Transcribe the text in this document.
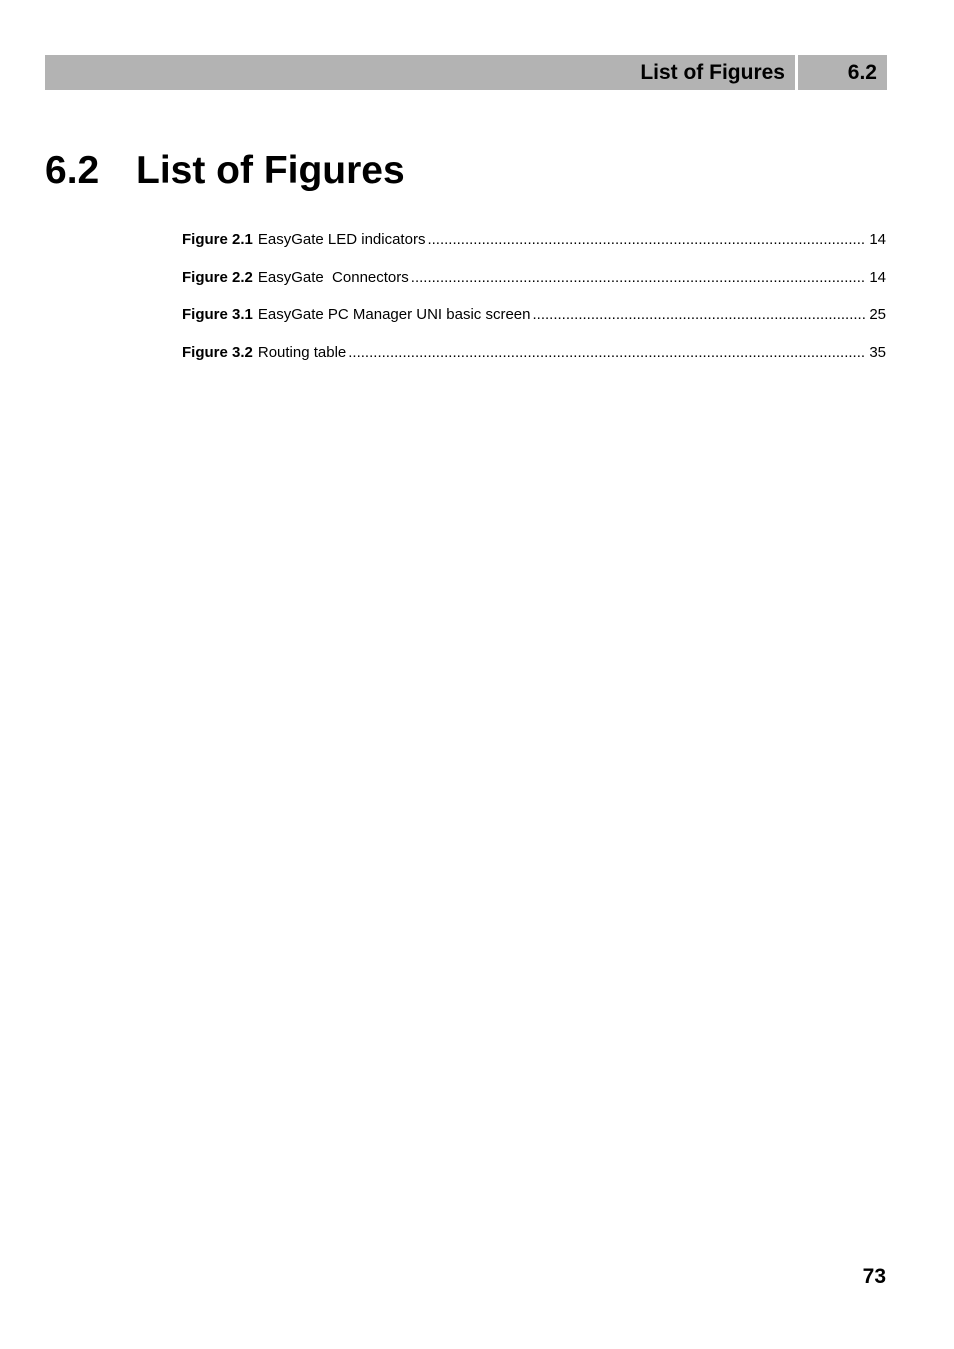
List of Figures	6.2
6.2 List of Figures
Figure 2.1 EasyGate LED indicators .....	14
Figure 2.2 EasyGate  Connectors .....	14
Figure 3.1 EasyGate PC Manager UNI basic screen .....	25
Figure 3.2 Routing table .....	35
73
